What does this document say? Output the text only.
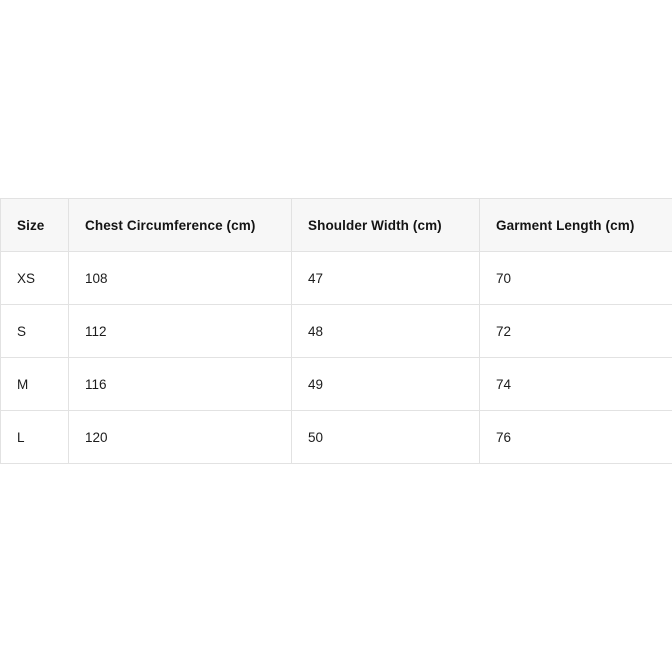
Size	Chest Circumference (cm)	Shoulder Width (cm)	Garment Length (cm)
XS	108	47	70
S	112	48	72
M	116	49	74
L	120	50	76
